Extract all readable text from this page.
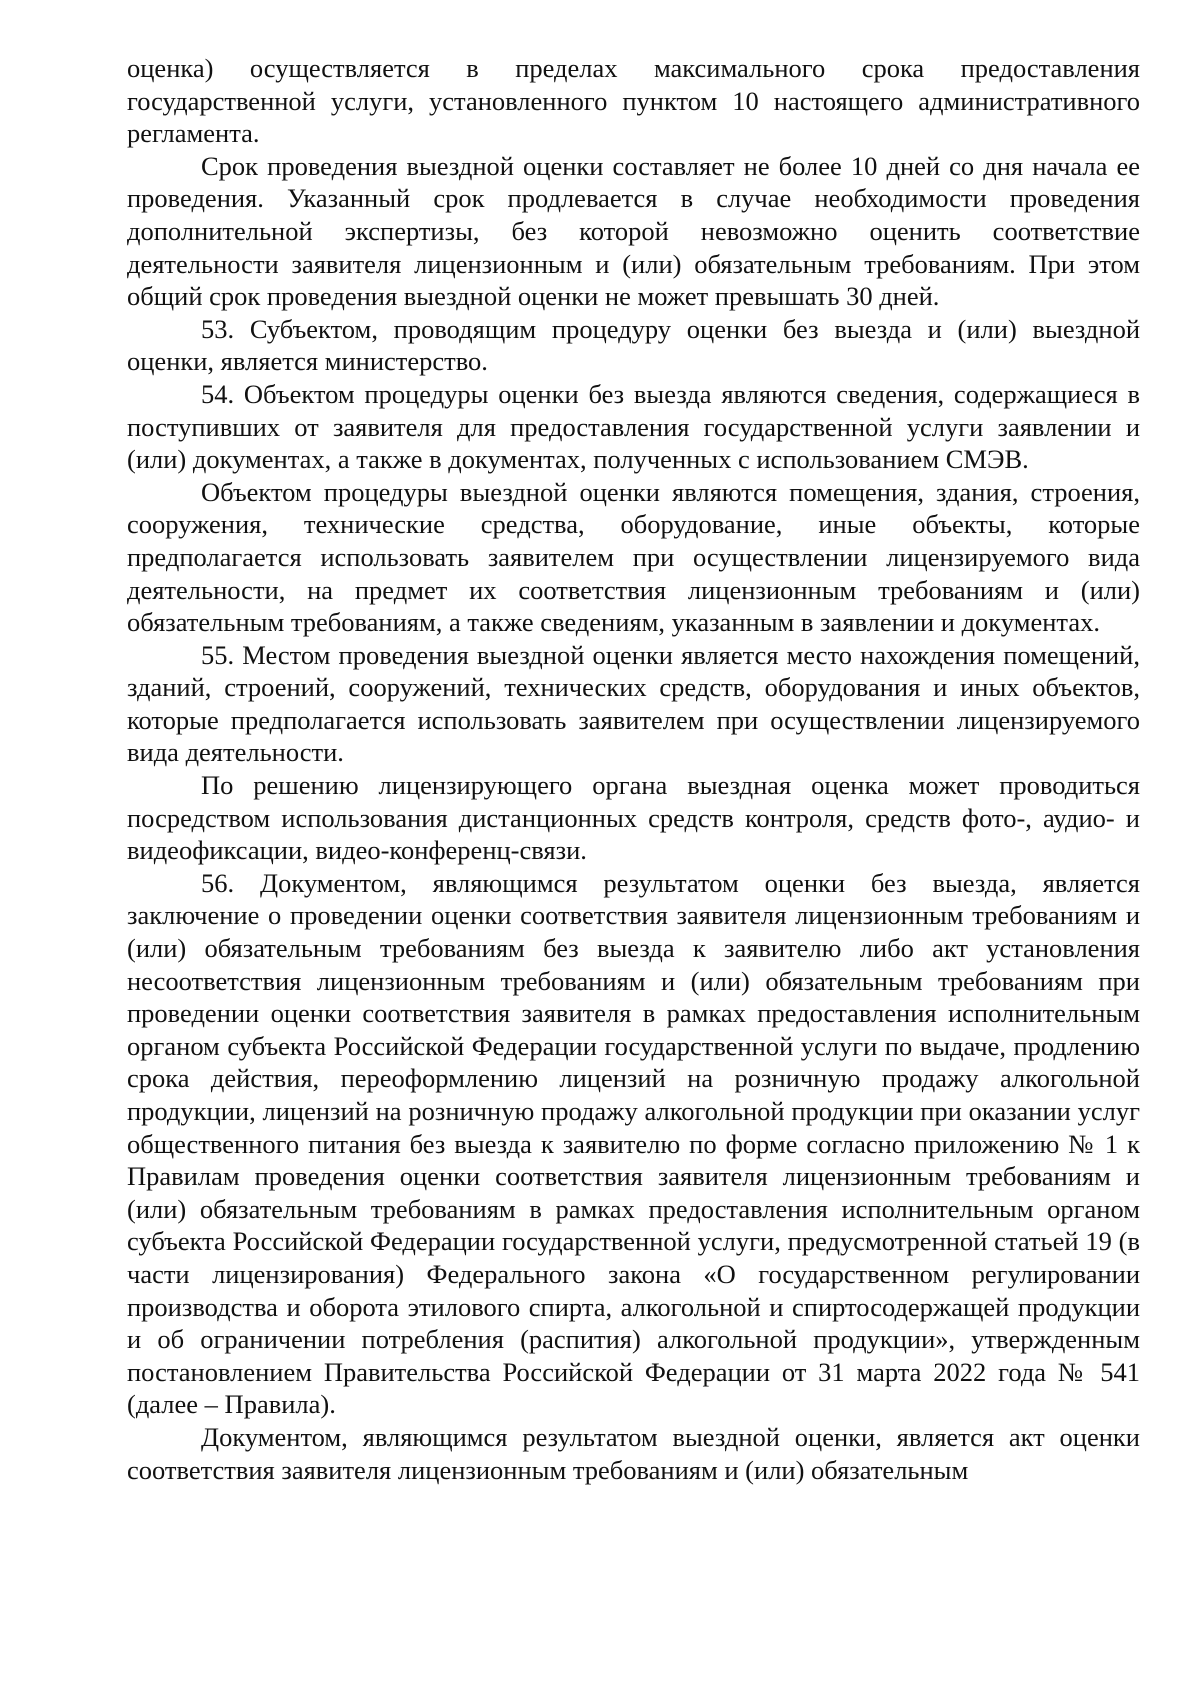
оценка) осуществляется в пределах максимального срока предоставления государственной услуги, установленного пунктом 10 настоящего административного регламента.

Срок проведения выездной оценки составляет не более 10 дней со дня начала ее проведения. Указанный срок продлевается в случае необходимости проведения дополнительной экспертизы, без которой невозможно оценить соответствие деятельности заявителя лицензионным и (или) обязательным требованиям. При этом общий срок проведения выездной оценки не может превышать 30 дней.

53. Субъектом, проводящим процедуру оценки без выезда и (или) выездной оценки, является министерство.

54. Объектом процедуры оценки без выезда являются сведения, содержащиеся в поступивших от заявителя для предоставления государственной услуги заявлении и (или) документах, а также в документах, полученных с использованием СМЭВ.

Объектом процедуры выездной оценки являются помещения, здания, строения, сооружения, технические средства, оборудование, иные объекты, которые предполагается использовать заявителем при осуществлении лицензируемого вида деятельности, на предмет их соответствия лицензионным требованиям и (или) обязательным требованиям, а также сведениям, указанным в заявлении и документах.

55. Местом проведения выездной оценки является место нахождения помещений, зданий, строений, сооружений, технических средств, оборудования и иных объектов, которые предполагается использовать заявителем при осуществлении лицензируемого вида деятельности.

По решению лицензирующего органа выездная оценка может проводиться посредством использования дистанционных средств контроля, средств фото-, аудио- и видеофиксации, видео-конференц-связи.

56. Документом, являющимся результатом оценки без выезда, является заключение о проведении оценки соответствия заявителя лицензионным требованиям и (или) обязательным требованиям без выезда к заявителю либо акт установления несоответствия лицензионным требованиям и (или) обязательным требованиям при проведении оценки соответствия заявителя в рамках предоставления исполнительным органом субъекта Российской Федерации государственной услуги по выдаче, продлению срока действия, переоформлению лицензий на розничную продажу алкогольной продукции, лицензий на розничную продажу алкогольной продукции при оказании услуг общественного питания без выезда к заявителю по форме согласно приложению № 1 к Правилам проведения оценки соответствия заявителя лицензионным требованиям и (или) обязательным требованиям в рамках предоставления исполнительным органом субъекта Российской Федерации государственной услуги, предусмотренной статьей 19 (в части лицензирования) Федерального закона «О государственном регулировании производства и оборота этилового спирта, алкогольной и спиртосодержащей продукции и об ограничении потребления (распития) алкогольной продукции», утвержденным постановлением Правительства Российской Федерации от 31 марта 2022 года № 541 (далее – Правила).

Документом, являющимся результатом выездной оценки, является акт оценки соответствия заявителя лицензионным требованиям и (или) обязательным
